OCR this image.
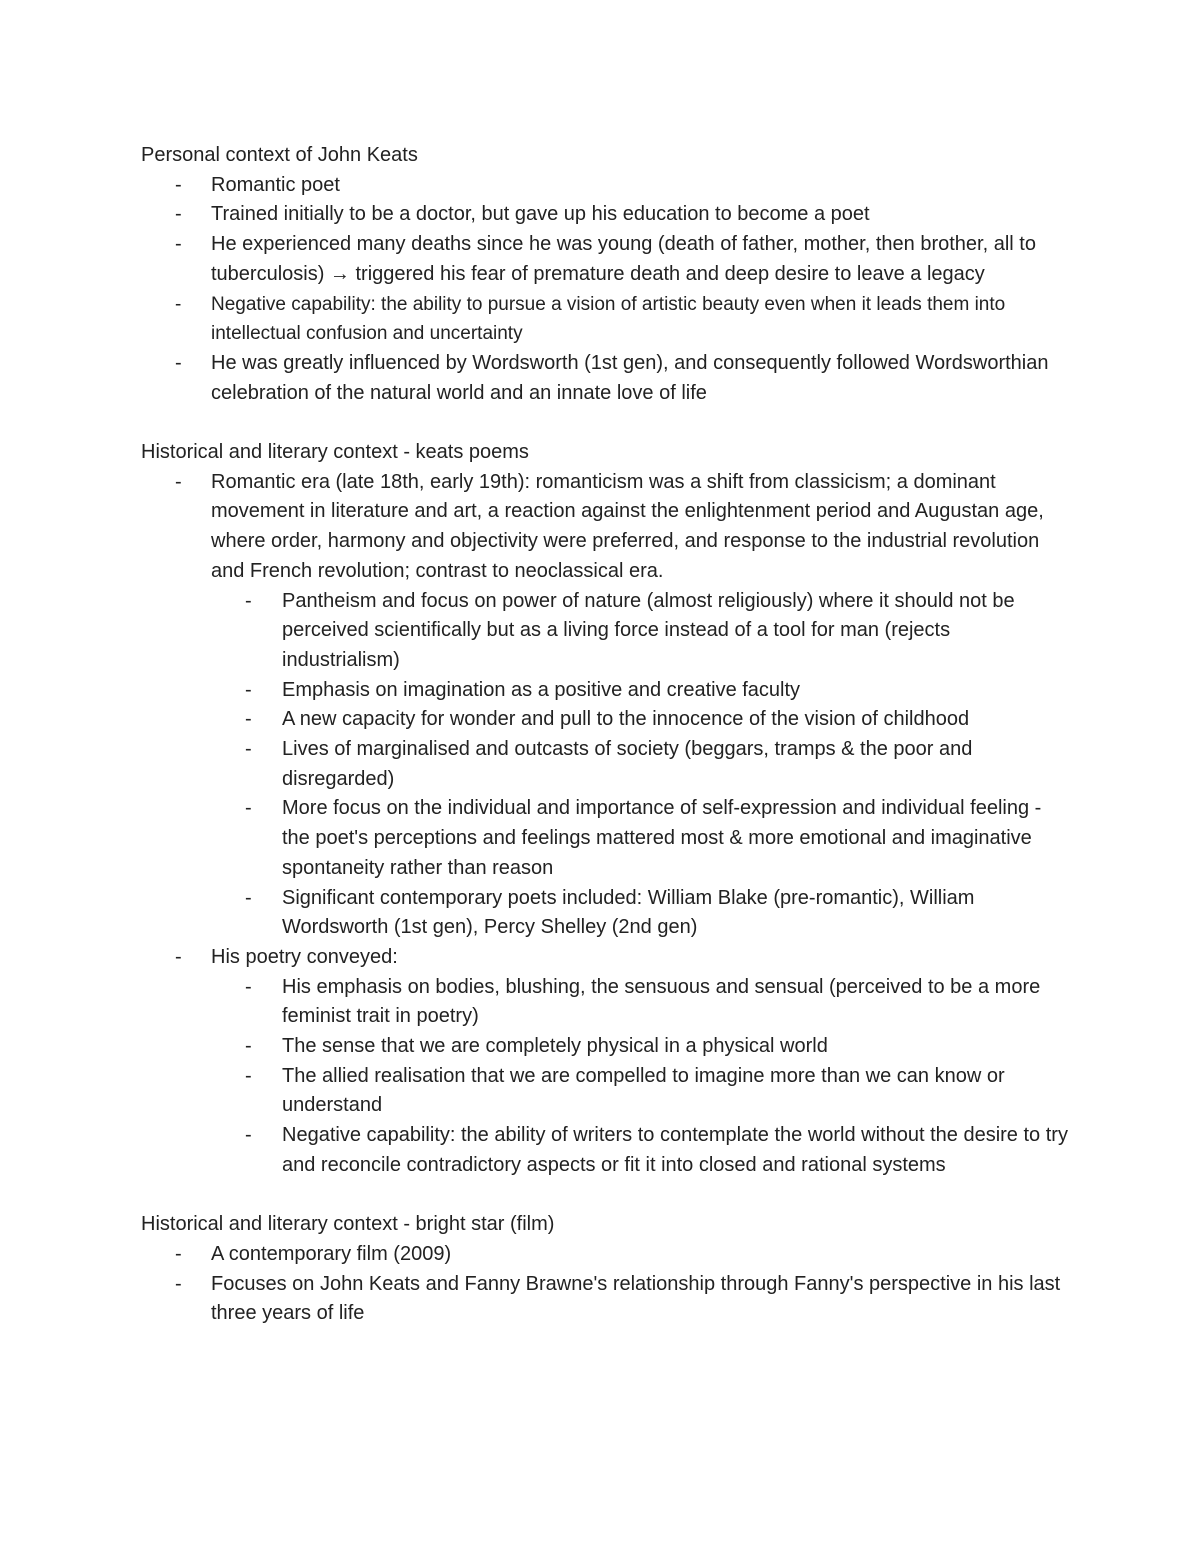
Personal context of John Keats

- Romantic poet
- Trained initially to be a doctor, but gave up his education to become a poet
- He experienced many deaths since he was young (death of father, mother, then brother, all to tuberculosis) → triggered his fear of premature death and deep desire to leave a legacy
- Negative capability: the ability to pursue a vision of artistic beauty even when it leads them into intellectual confusion and uncertainty
- He was greatly influenced by Wordsworth (1st gen), and consequently followed Wordsworthian celebration of the natural world and an innate love of life

Historical and literary context - keats poems

- Romantic era (late 18th, early 19th): romanticism was a shift from classicism; a dominant movement in literature and art, a reaction against the enlightenment period and Augustan age, where order, harmony and objectivity were preferred, and response to the industrial revolution and French revolution; contrast to neoclassical era.
- Pantheism and focus on power of nature (almost religiously) where it should not be perceived scientifically but as a living force instead of a tool for man (rejects industrialism)
- Emphasis on imagination as a positive and creative faculty
- A new capacity for wonder and pull to the innocence of the vision of childhood
- Lives of marginalised and outcasts of society (beggars, tramps & the poor and disregarded)
- More focus on the individual and importance of self-expression and individual feeling - the poet's perceptions and feelings mattered most & more emotional and imaginative spontaneity rather than reason
- Significant contemporary poets included: William Blake (pre-romantic), William Wordsworth (1st gen), Percy Shelley (2nd gen)
- His poetry conveyed:
- His emphasis on bodies, blushing, the sensuous and sensual (perceived to be a more feminist trait in poetry)
- The sense that we are completely physical in a physical world
- The allied realisation that we are compelled to imagine more than we can know or understand
- Negative capability: the ability of writers to contemplate the world without the desire to try and reconcile contradictory aspects or fit it into closed and rational systems

Historical and literary context - bright star (film)

- A contemporary film (2009)
- Focuses on John Keats and Fanny Brawne's relationship through Fanny's perspective in his last three years of life
